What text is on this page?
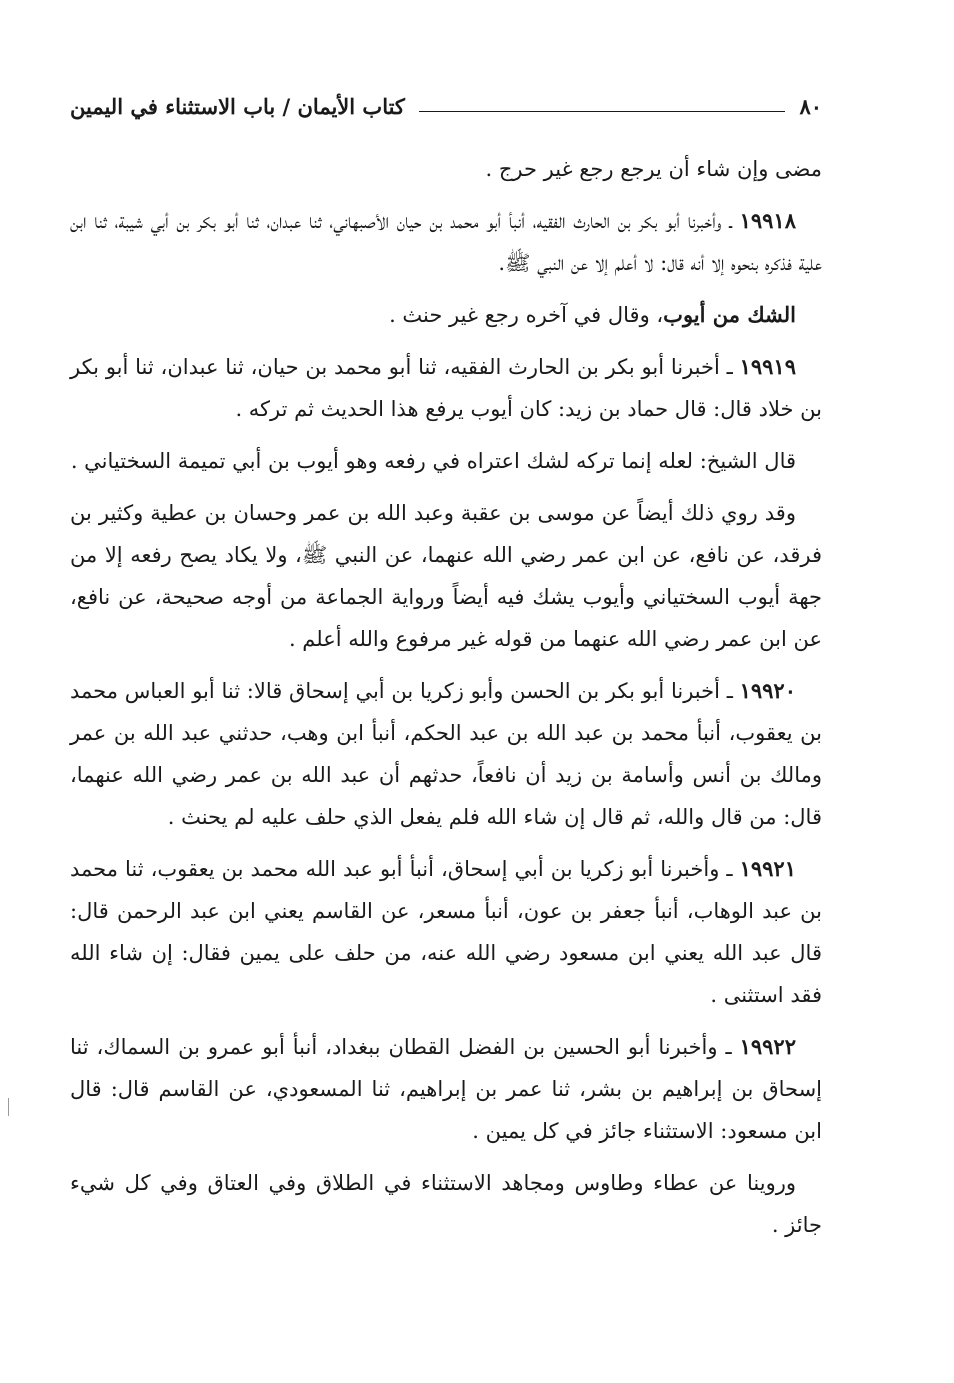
٨٠
كتاب الأيمان / باب الاستثناء في اليمين

مضى وإن شاء أن يرجع رجع غير حرج .

١٩٩١٨ ـ وأخبرنا أبو بكر بن الحارث الفقيه، أنبأ أبو محمد بن حيان الأصبهاني، ثنا عبدان، ثنا أبو بكر بن أبي شيبة، ثنا ابن علية فذكره بنحوه إلا أنه قال: لا أعلم إلا عن النبي ﷺ.

الشك من أيوب، وقال في آخره رجع غير حنث .

١٩٩١٩ ـ أخبرنا أبو بكر بن الحارث الفقيه، ثنا أبو محمد بن حيان، ثنا عبدان، ثنا أبو بكر بن خلاد قال: قال حماد بن زيد: كان أيوب يرفع هذا الحديث ثم تركه .

قال الشيخ: لعله إنما تركه لشك اعتراه في رفعه وهو أيوب بن أبي تميمة السختياني .

وقد روي ذلك أيضاً عن موسى بن عقبة وعبد الله بن عمر وحسان بن عطية وكثير بن فرقد، عن نافع، عن ابن عمر رضي الله عنهما، عن النبي ﷺ، ولا يكاد يصح رفعه إلا من جهة أيوب السختياني وأيوب يشك فيه أيضاً ورواية الجماعة من أوجه صحيحة، عن نافع، عن ابن عمر رضي الله عنهما من قوله غير مرفوع والله أعلم .

١٩٩٢٠ ـ أخبرنا أبو بكر بن الحسن وأبو زكريا بن أبي إسحاق قالا: ثنا أبو العباس محمد بن يعقوب، أنبأ محمد بن عبد الله بن عبد الحكم، أنبأ ابن وهب، حدثني عبد الله بن عمر ومالك بن أنس وأسامة بن زيد أن نافعاً، حدثهم أن عبد الله بن عمر رضي الله عنهما، قال: من قال والله، ثم قال إن شاء الله فلم يفعل الذي حلف عليه لم يحنث .

١٩٩٢١ ـ وأخبرنا أبو زكريا بن أبي إسحاق، أنبأ أبو عبد الله محمد بن يعقوب، ثنا محمد بن عبد الوهاب، أنبأ جعفر بن عون، أنبأ مسعر، عن القاسم يعني ابن عبد الرحمن قال: قال عبد الله يعني ابن مسعود رضي الله عنه، من حلف على يمين فقال: إن شاء الله فقد استثنى .

١٩٩٢٢ ـ وأخبرنا أبو الحسين بن الفضل القطان ببغداد، أنبأ أبو عمرو بن السماك، ثنا إسحاق بن إبراهيم بن بشر، ثنا عمر بن إبراهيم، ثنا المسعودي، عن القاسم قال: قال ابن مسعود: الاستثناء جائز في كل يمين .

وروينا عن عطاء وطاوس ومجاهد الاستثناء في الطلاق وفي العتاق وفي كل شيء جائز .
